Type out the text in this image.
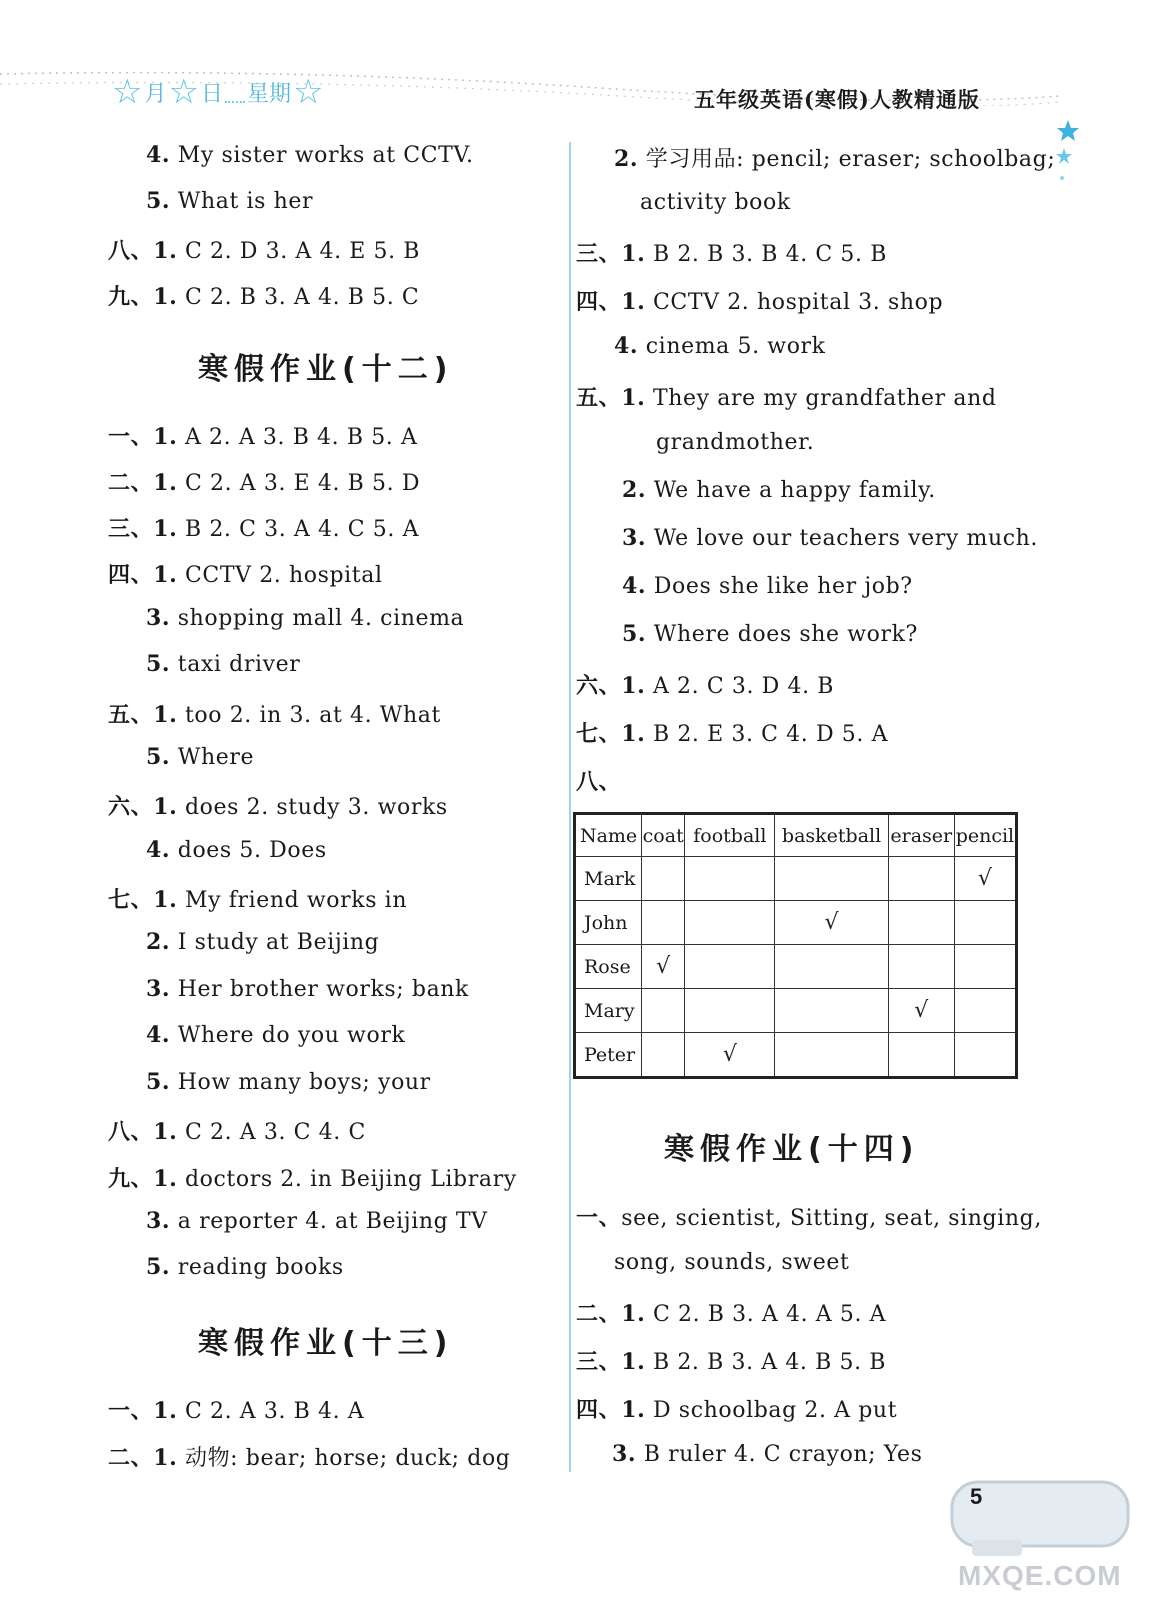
☆ 月 ☆ 日 星期 ☆	五年级英语(寒假)人教精通版
4. My sister works at CCTV.
5. What is her
八、1. C 2. D 3. A 4. E 5. B
九、1. C 2. B 3. A 4. B 5. C
寒假作业(十二)
一、1. A 2. A 3. B 4. B 5. A
二、1. C 2. A 3. E 4. B 5. D
三、1. B 2. C 3. A 4. C 5. A
四、1. CCTV 2. hospital
3. shopping mall 4. cinema
5. taxi driver
五、1. too 2. in 3. at 4. What
5. Where
六、1. does 2. study 3. works
4. does 5. Does
七、1. My friend works in
2. I study at Beijing
3. Her brother works; bank
4. Where do you work
5. How many boys; your
八、1. C 2. A 3. C 4. C
九、1. doctors 2. in Beijing Library
3. a reporter 4. at Beijing TV
5. reading books
寒假作业(十三)
一、1. C 2. A 3. B 4. A
二、1. 动物: bear; horse; duck; dog
2. 学习用品: pencil; eraser; schoolbag;
activity book
三、1. B 2. B 3. B 4. C 5. B
四、1. CCTV 2. hospital 3. shop
4. cinema 5. work
五、1. They are my grandfather and
grandmother.
2. We have a happy family.
3. We love our teachers very much.
4. Does she like her job?
5. Where does she work?
六、1. A 2. C 3. D 4. B
七、1. B 2. E 3. C 4. D 5. A
八、
Name	coat	football	basketball	eraser	pencil
Mark					√
John			√		
Rose	√				
Mary				√	
Peter		√			
寒假作业(十四)
一、see, scientist, Sitting, seat, singing,
song, sounds, sweet
二、1. C 2. B 3. A 4. A 5. A
三、1. B 2. B 3. A 4. B 5. B
四、1. D schoolbag 2. A put
3. B ruler 4. C crayon; Yes
5
MXQE.COM
